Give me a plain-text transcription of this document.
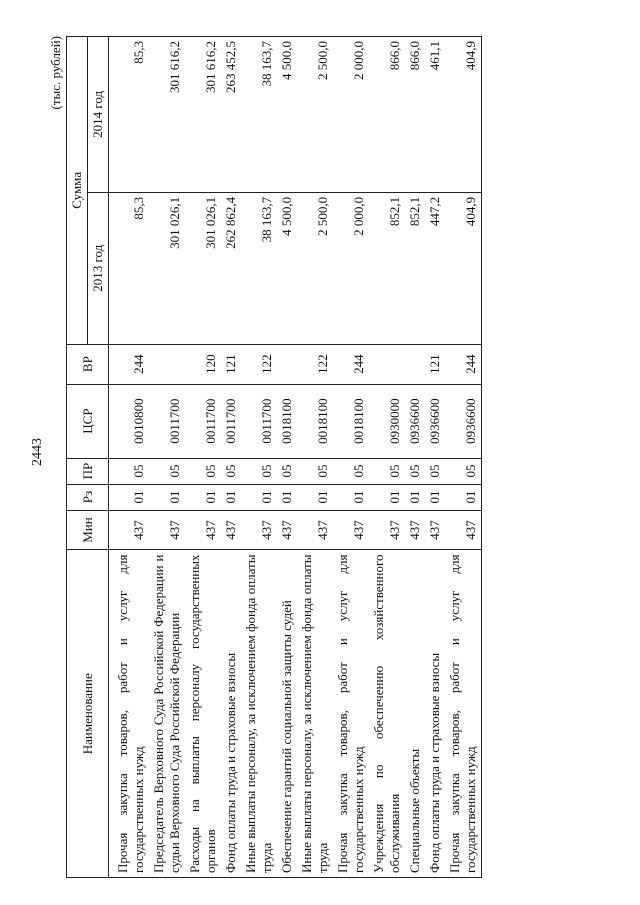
2443
(тыс. рублей)
Наименование	Мин	Рз	ПР	ЦСР	ВР	Сумма	
						2013 год	2014 год
Прочая закупка товаров, работ и услуг для государственных нужд	437	01	05	0010800	244	85,3	85,3
Председатель Верховного Суда Российской Федерации и судьи Верховного Суда Российской Федерации	437	01	05	0011700		301 026,1	301 616,2
Расходы на выплаты персоналу государственных органов	437	01	05	0011700	120	301 026,1	301 616,2
Фонд оплаты труда и страховые взносы	437	01	05	0011700	121	262 862,4	263 452,5
Иные выплаты персоналу, за исключением фонда оплаты труда	437	01	05	0011700	122	38 163,7	38 163,7
Обеспечение гарантий социальной защиты судей	437	01	05	0018100		4 500,0	4 500,0
Иные выплаты персоналу, за исключением фонда оплаты труда	437	01	05	0018100	122	2 500,0	2 500,0
Прочая закупка товаров, работ и услуг для государственных нужд	437	01	05	0018100	244	2 000,0	2 000,0
Учреждения по обеспечению хозяйственного обслуживания	437	01	05	0930000		852,1	866,0
Специальные объекты	437	01	05	0936600		852,1	866,0
Фонд оплаты труда и страховые взносы	437	01	05	0936600	121	447,2	461,1
Прочая закупка товаров, работ и услуг для государственных нужд	437	01	05	0936600	244	404,9	404,9
